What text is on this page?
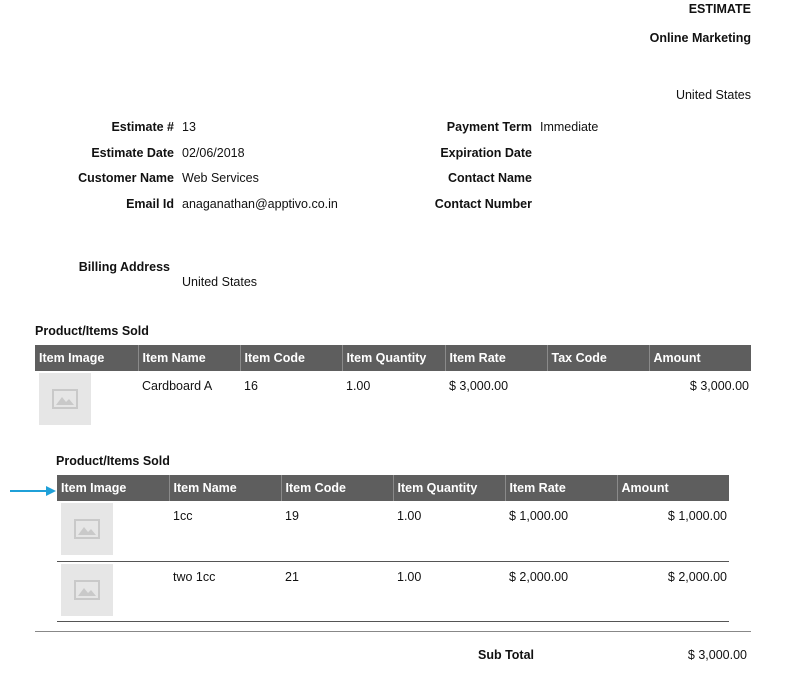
ESTIMATE
Online Marketing
United States
Estimate # 13
Estimate Date 02/06/2018
Customer Name Web Services
Email Id anaganathan@apptivo.co.in
Payment Term Immediate
Expiration Date
Contact Name
Contact Number
Billing Address
United States
Product/Items Sold
Item Image	Item Name	Item Code	Item Quantity	Item Rate	Tax Code	Amount

	Cardboard A	16	1.00	$ 3,000.00		$ 3,000.00
Product/Items Sold
Item Image	Item Name	Item Code	Item Quantity	Item Rate	Amount

	1cc	19	1.00	$ 1,000.00	$ 1,000.00

	two 1cc	21	1.00	$ 2,000.00	$ 2,000.00
Sub Total	$ 3,000.00
